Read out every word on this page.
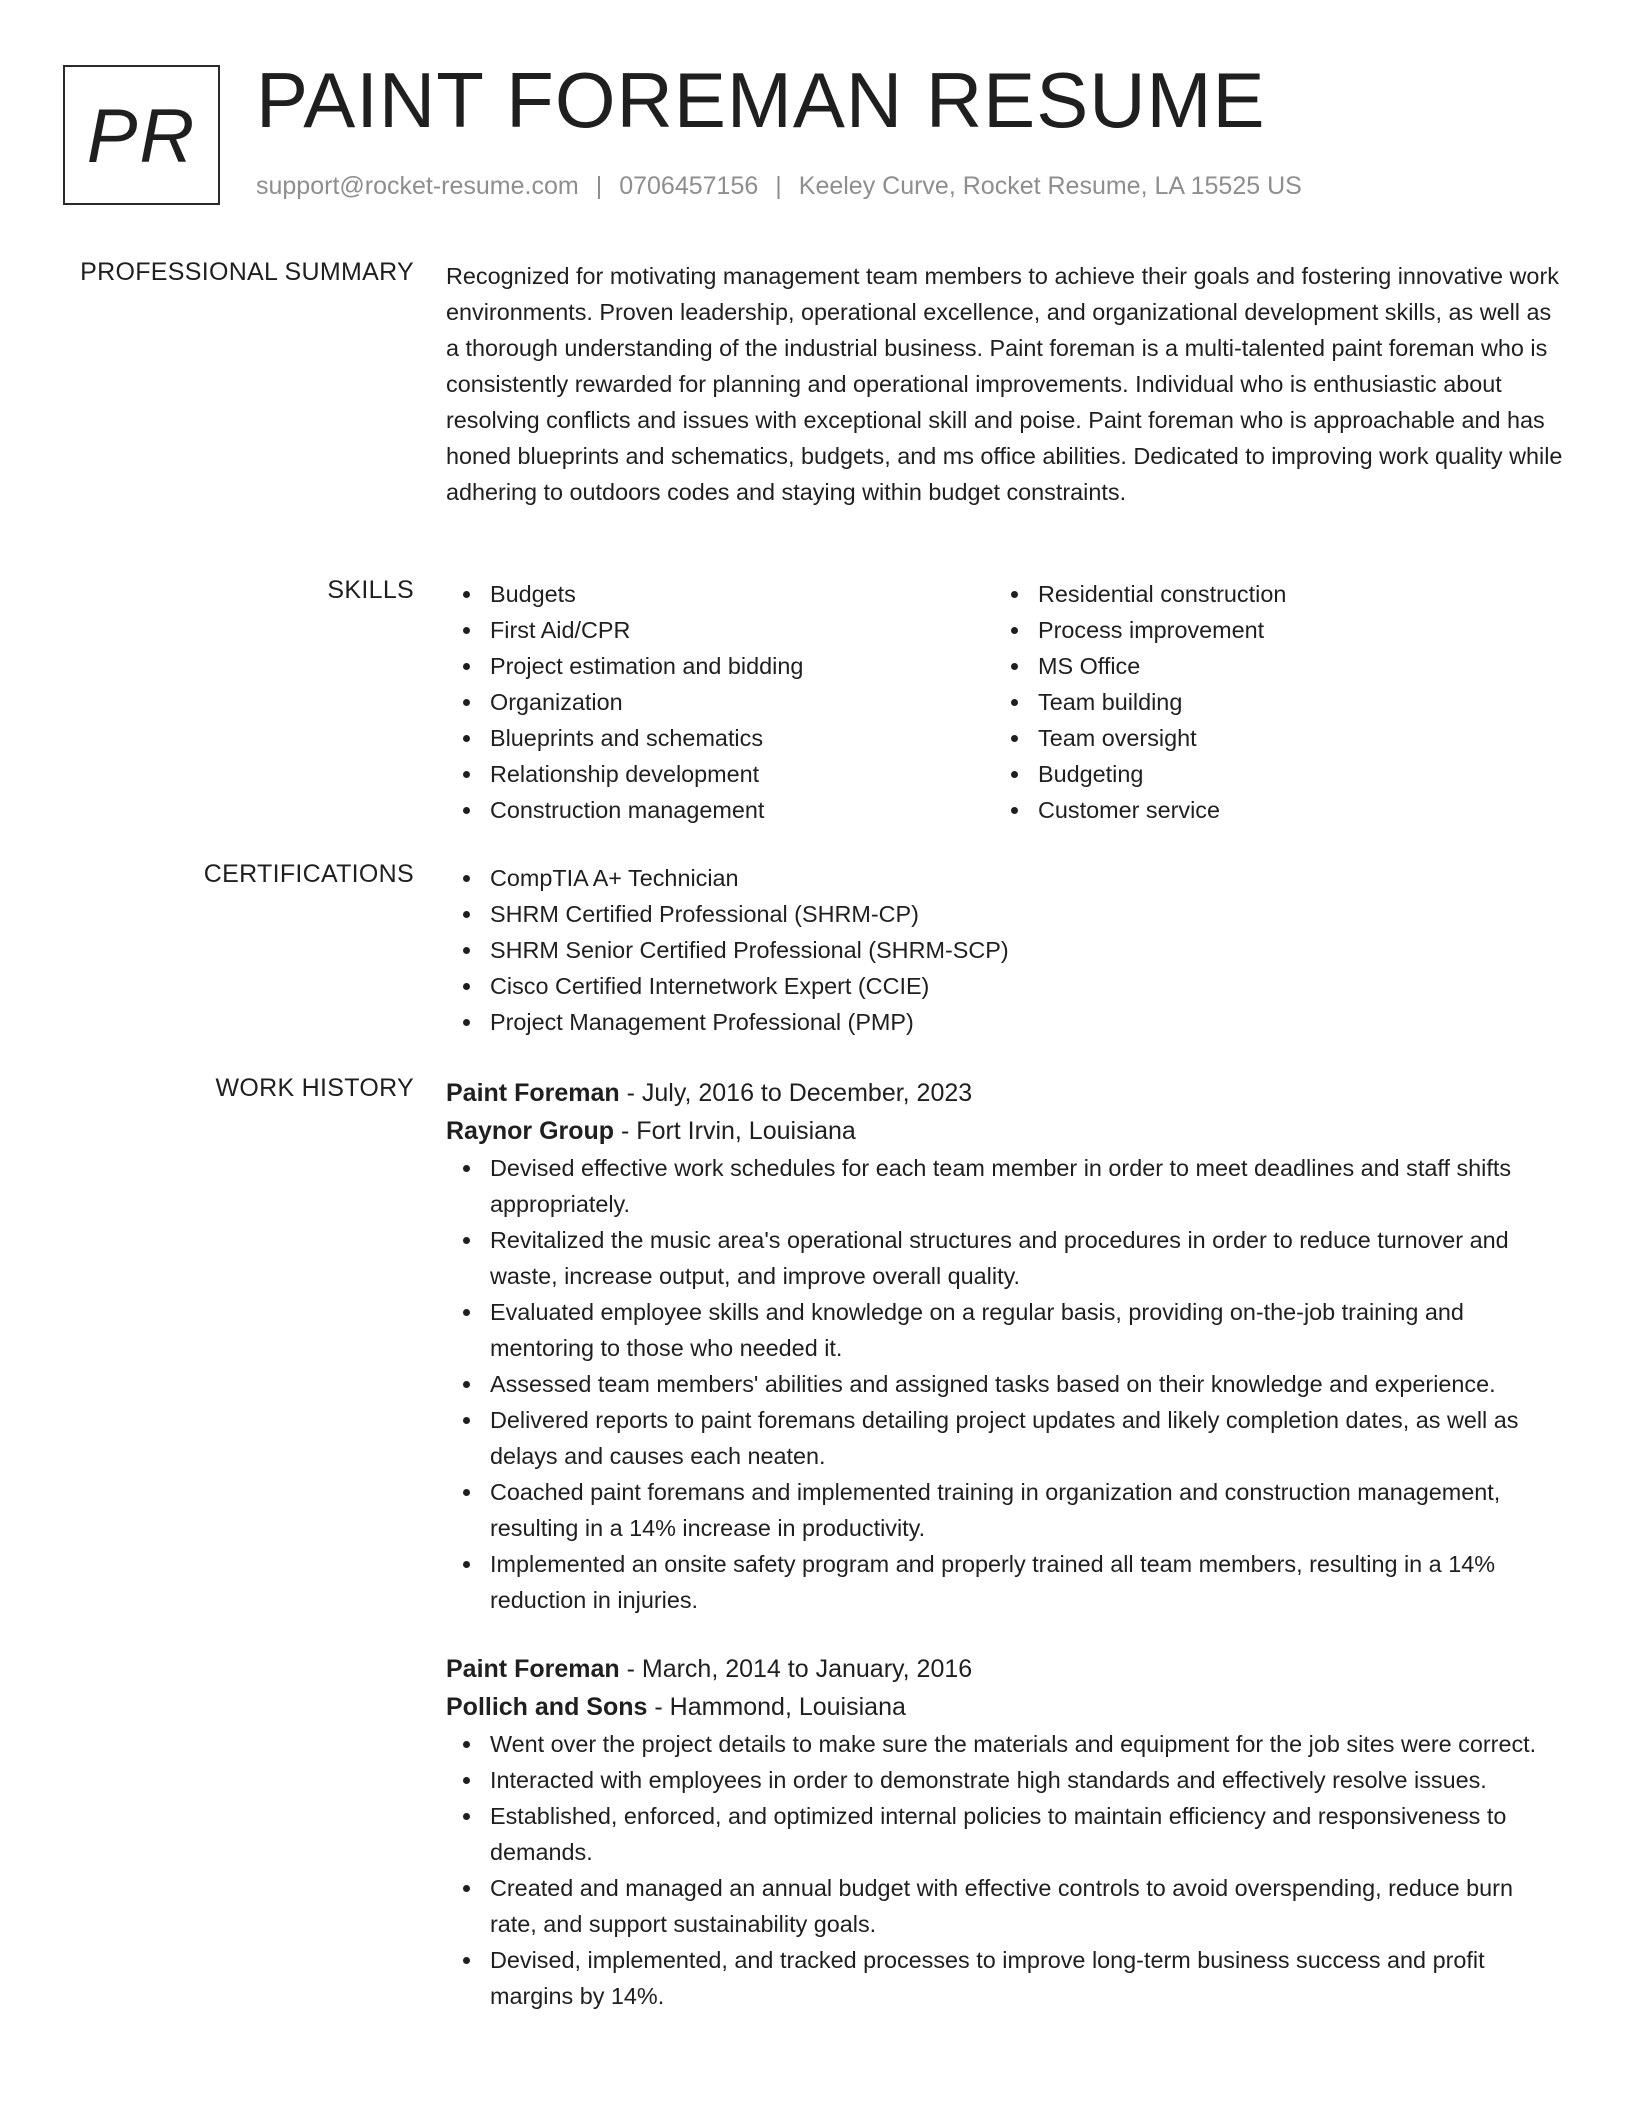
PR PAINT FOREMAN RESUME
support@rocket-resume.com | 0706457156 | Keeley Curve, Rocket Resume, LA 15525 US
PROFESSIONAL SUMMARY Recognized for motivating management team members to achieve their goals and fostering innovative work environments. Proven leadership, operational excellence, and organizational development skills, as well as a thorough understanding of the industrial business. Paint foreman is a multi-talented paint foreman who is consistently rewarded for planning and operational improvements. Individual who is enthusiastic about resolving conflicts and issues with exceptional skill and poise. Paint foreman who is approachable and has honed blueprints and schematics, budgets, and ms office abilities. Dedicated to improving work quality while adhering to outdoors codes and staying within budget constraints.
SKILLS	Budgets
First Aid/CPR
Project estimation and bidding
Organization
Blueprints and schematics
Relationship development
Construction management
Residential construction
Process improvement
MS Office
Team building
Team oversight
Budgeting
Customer service
CERTIFICATIONS	CompTIA A+ Technician
SHRM Certified Professional (SHRM-CP)
SHRM Senior Certified Professional (SHRM-SCP)
Cisco Certified Internetwork Expert (CCIE)
Project Management Professional (PMP)
WORK HISTORY Paint Foreman - July, 2016 to December, 2023
Raynor Group - Fort Irvin, Louisiana
Devised effective work schedules for each team member in order to meet deadlines and staff shifts appropriately.
Revitalized the music area's operational structures and procedures in order to reduce turnover and waste, increase output, and improve overall quality.
Evaluated employee skills and knowledge on a regular basis, providing on-the-job training and mentoring to those who needed it.
Assessed team members' abilities and assigned tasks based on their knowledge and experience.
Delivered reports to paint foremans detailing project updates and likely completion dates, as well as delays and causes each neaten.
Coached paint foremans and implemented training in organization and construction management, resulting in a 14% increase in productivity.
Implemented an onsite safety program and properly trained all team members, resulting in a 14% reduction in injuries.
Paint Foreman - March, 2014 to January, 2016
Pollich and Sons - Hammond, Louisiana
Went over the project details to make sure the materials and equipment for the job sites were correct.
Interacted with employees in order to demonstrate high standards and effectively resolve issues.
Established, enforced, and optimized internal policies to maintain efficiency and responsiveness to demands.
Created and managed an annual budget with effective controls to avoid overspending, reduce burn rate, and support sustainability goals.
Devised, implemented, and tracked processes to improve long-term business success and profit margins by 14%.
